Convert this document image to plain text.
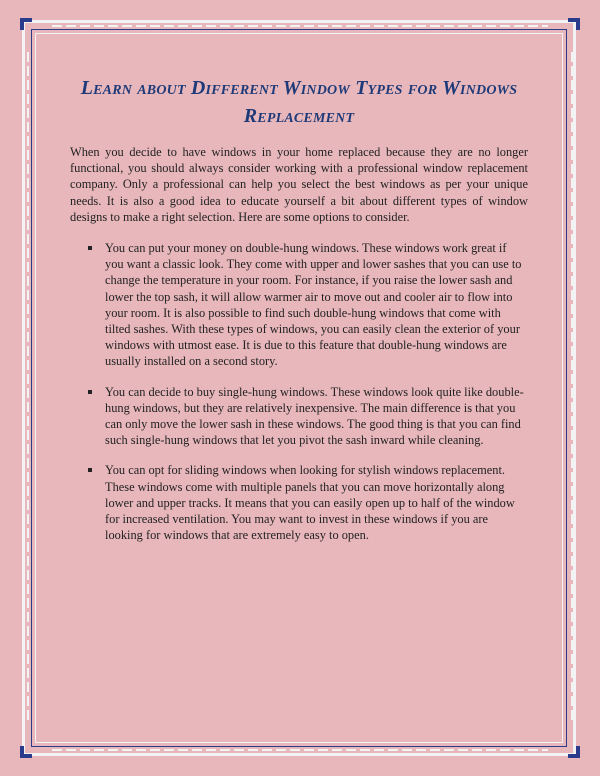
Learn about Different Window Types for Windows Replacement

When you decide to have windows in your home replaced because they are no longer functional, you should always consider working with a professional window replacement company. Only a professional can help you select the best windows as per your unique needs. It is also a good idea to educate yourself a bit about different types of window designs to make a right selection. Here are some options to consider.

You can put your money on double-hung windows. These windows work great if you want a classic look. They come with upper and lower sashes that you can use to change the temperature in your room. For instance, if you raise the lower sash and lower the top sash, it will allow warmer air to move out and cooler air to flow into your room. It is also possible to find such double-hung windows that come with tilted sashes. With these types of windows, you can easily clean the exterior of your windows with utmost ease. It is due to this feature that double-hung windows are usually installed on a second story.
You can decide to buy single-hung windows. These windows look quite like double-hung windows, but they are relatively inexpensive. The main difference is that you can only move the lower sash in these windows. The good thing is that you can find such single-hung windows that let you pivot the sash inward while cleaning.
You can opt for sliding windows when looking for stylish windows replacement. These windows come with multiple panels that you can move horizontally along lower and upper tracks. It means that you can easily open up to half of the window for increased ventilation. You may want to invest in these windows if you are looking for windows that are extremely easy to open.
